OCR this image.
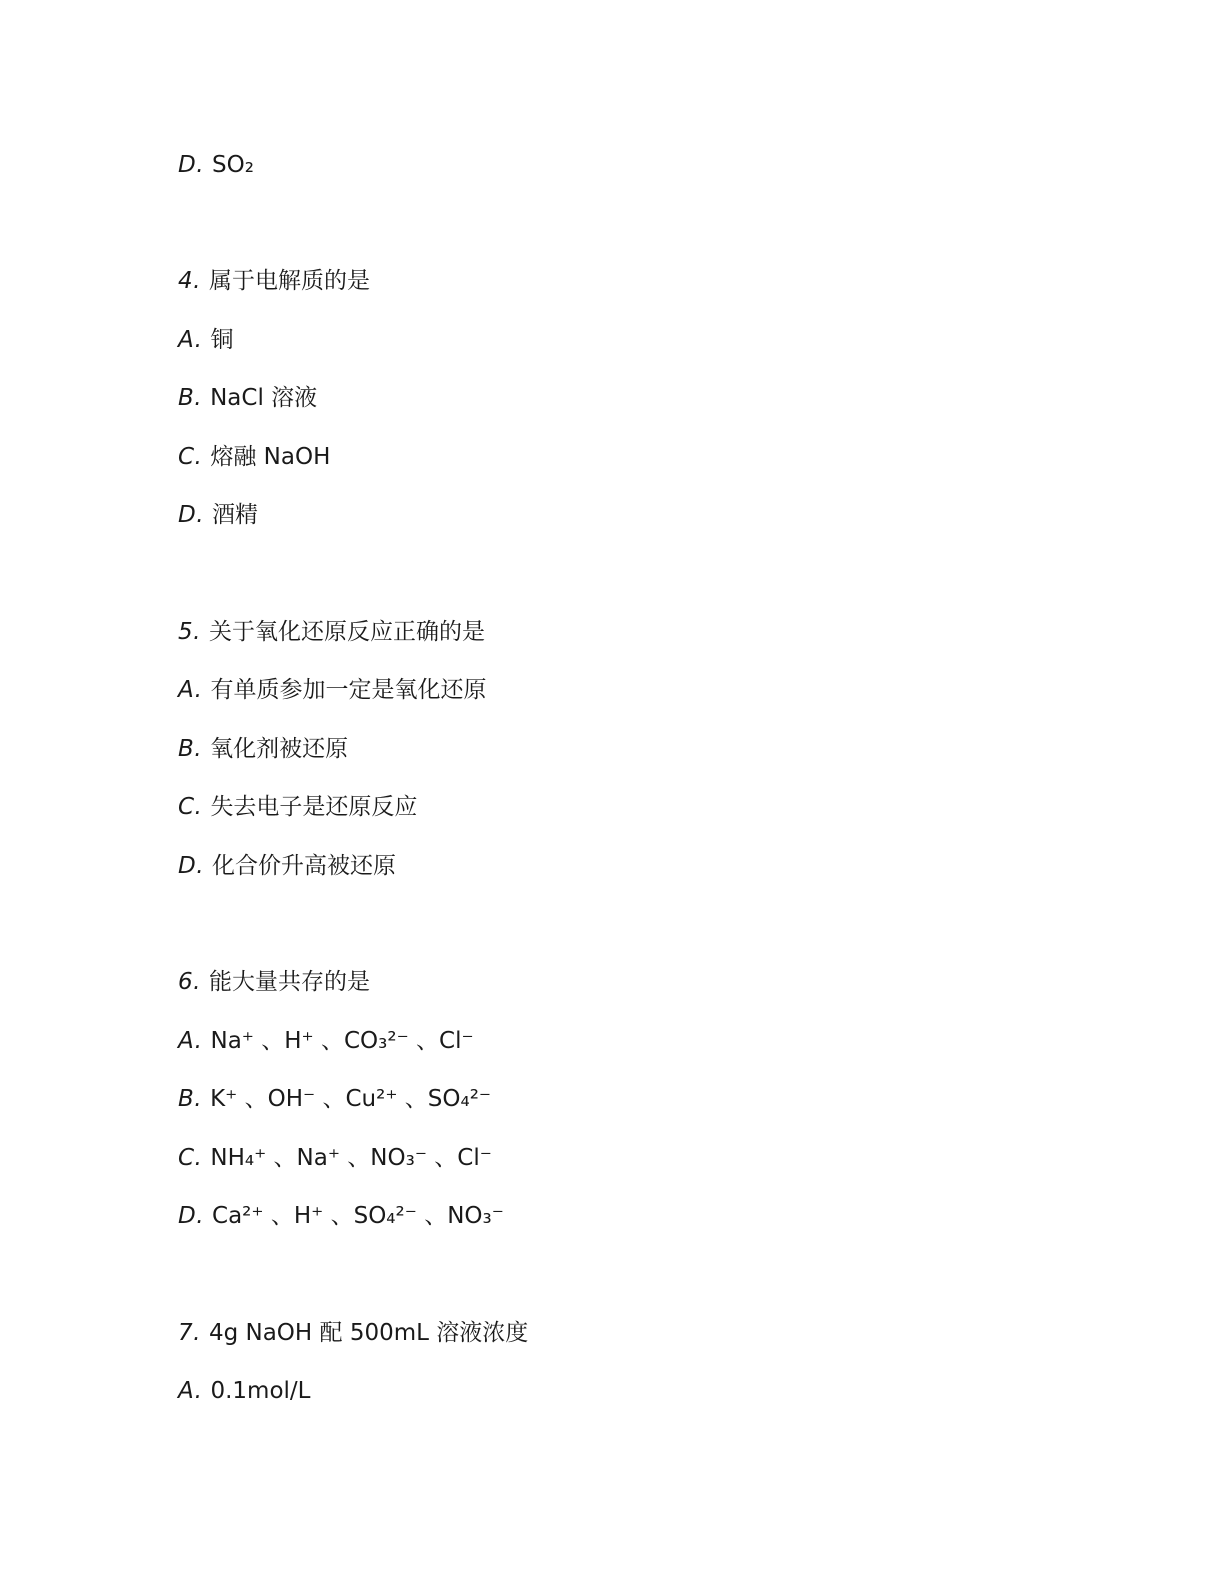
D. SO₂
4. 属于电解质的是
A. 铜
B. NaCl 溶液
C. 熔融 NaOH
D. 酒精
5. 关于氧化还原反应正确的是
A. 有单质参加一定是氧化还原
B. 氧化剂被还原
C. 失去电子是还原反应
D. 化合价升高被还原
6. 能大量共存的是
A. Na⁺ 、H⁺ 、CO₃²⁻ 、Cl⁻
B. K⁺ 、OH⁻ 、Cu²⁺ 、SO₄²⁻
C. NH₄⁺ 、Na⁺ 、NO₃⁻ 、Cl⁻
D. Ca²⁺ 、H⁺ 、SO₄²⁻ 、NO₃⁻
7. 4g NaOH 配 500mL 溶液浓度
A. 0.1mol/L
